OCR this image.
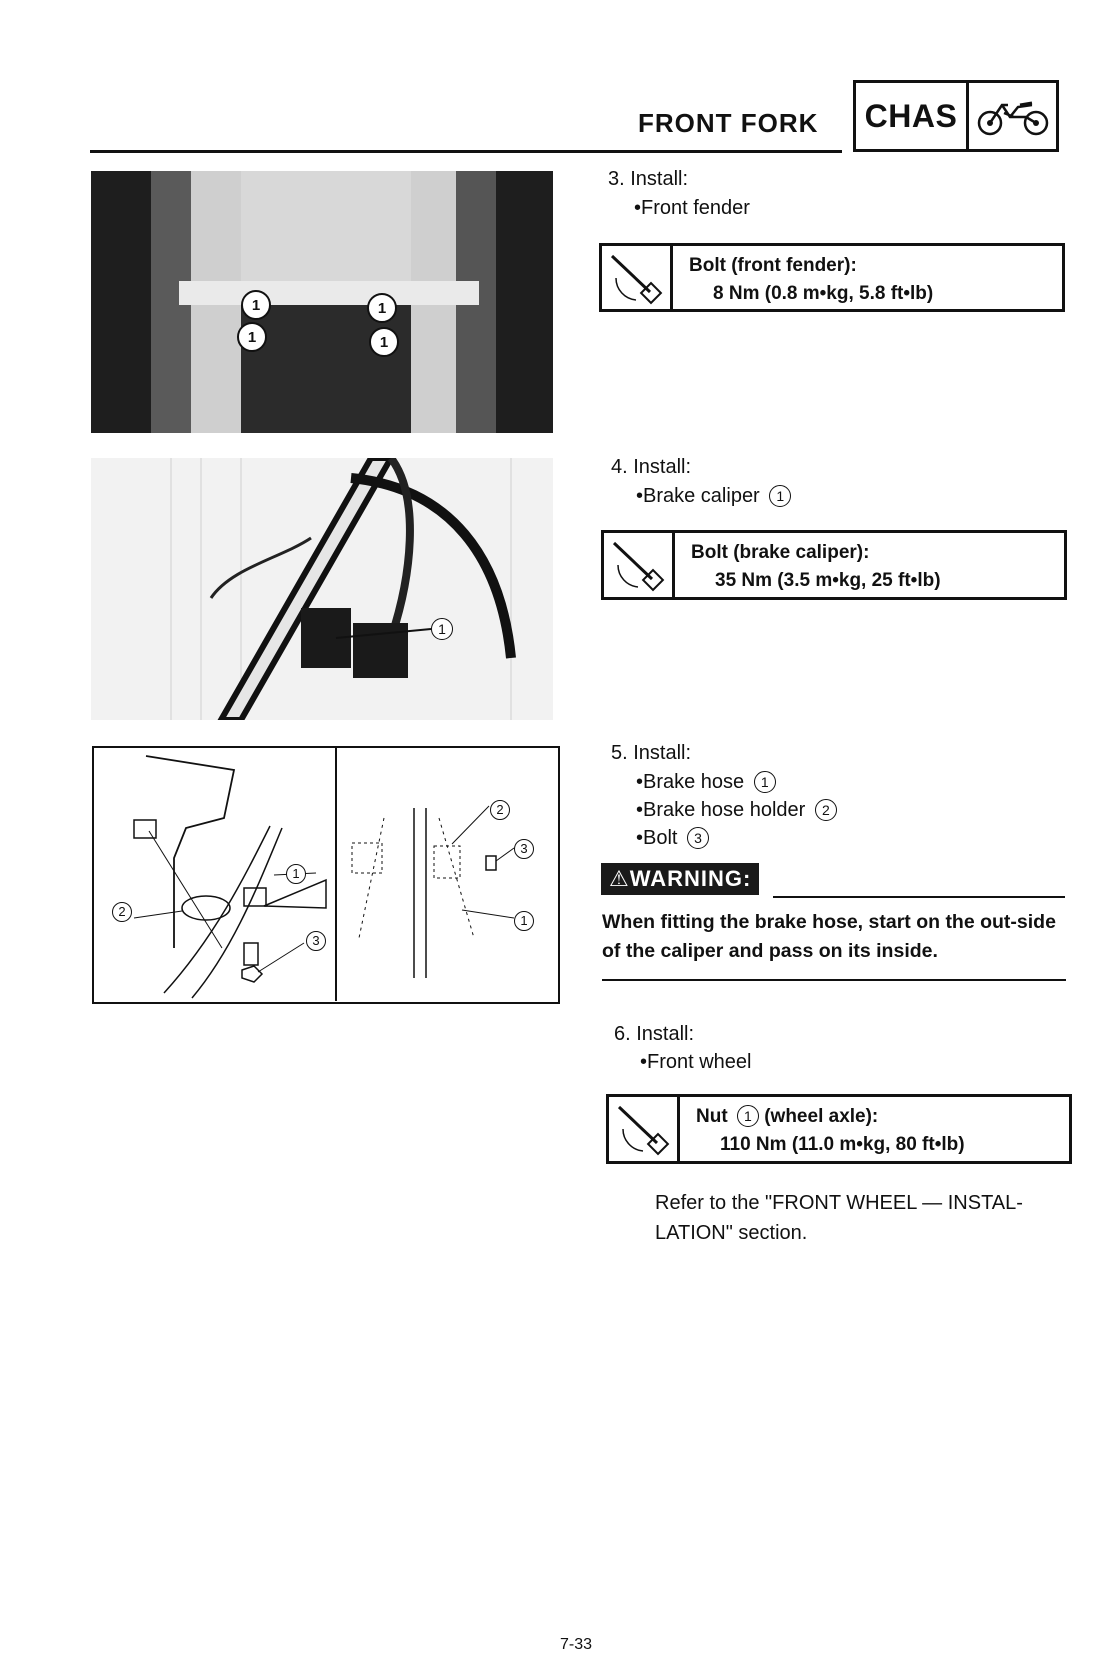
FRONT FORK CHAS
1
1
1
1
1
1
2
3
2
3
1
3. Install:
•Front fender
Bolt (front fender):
8 Nm (0.8 m•kg, 5.8 ft•lb)
4. Install:
•Brake caliper 1
Bolt (brake caliper):
35 Nm (3.5 m•kg, 25 ft•lb)
5. Install:
•Brake hose 1
•Brake hose holder 2
•Bolt 3
⚠WARNING:
When fitting the brake hose, start on the out-side of the caliper and pass on its inside.
6. Install:
•Front wheel
Nut 1 (wheel axle):
110 Nm (11.0 m•kg, 80 ft•lb)
Refer to the "FRONT WHEEL — INSTAL-LATION" section.
7-33
